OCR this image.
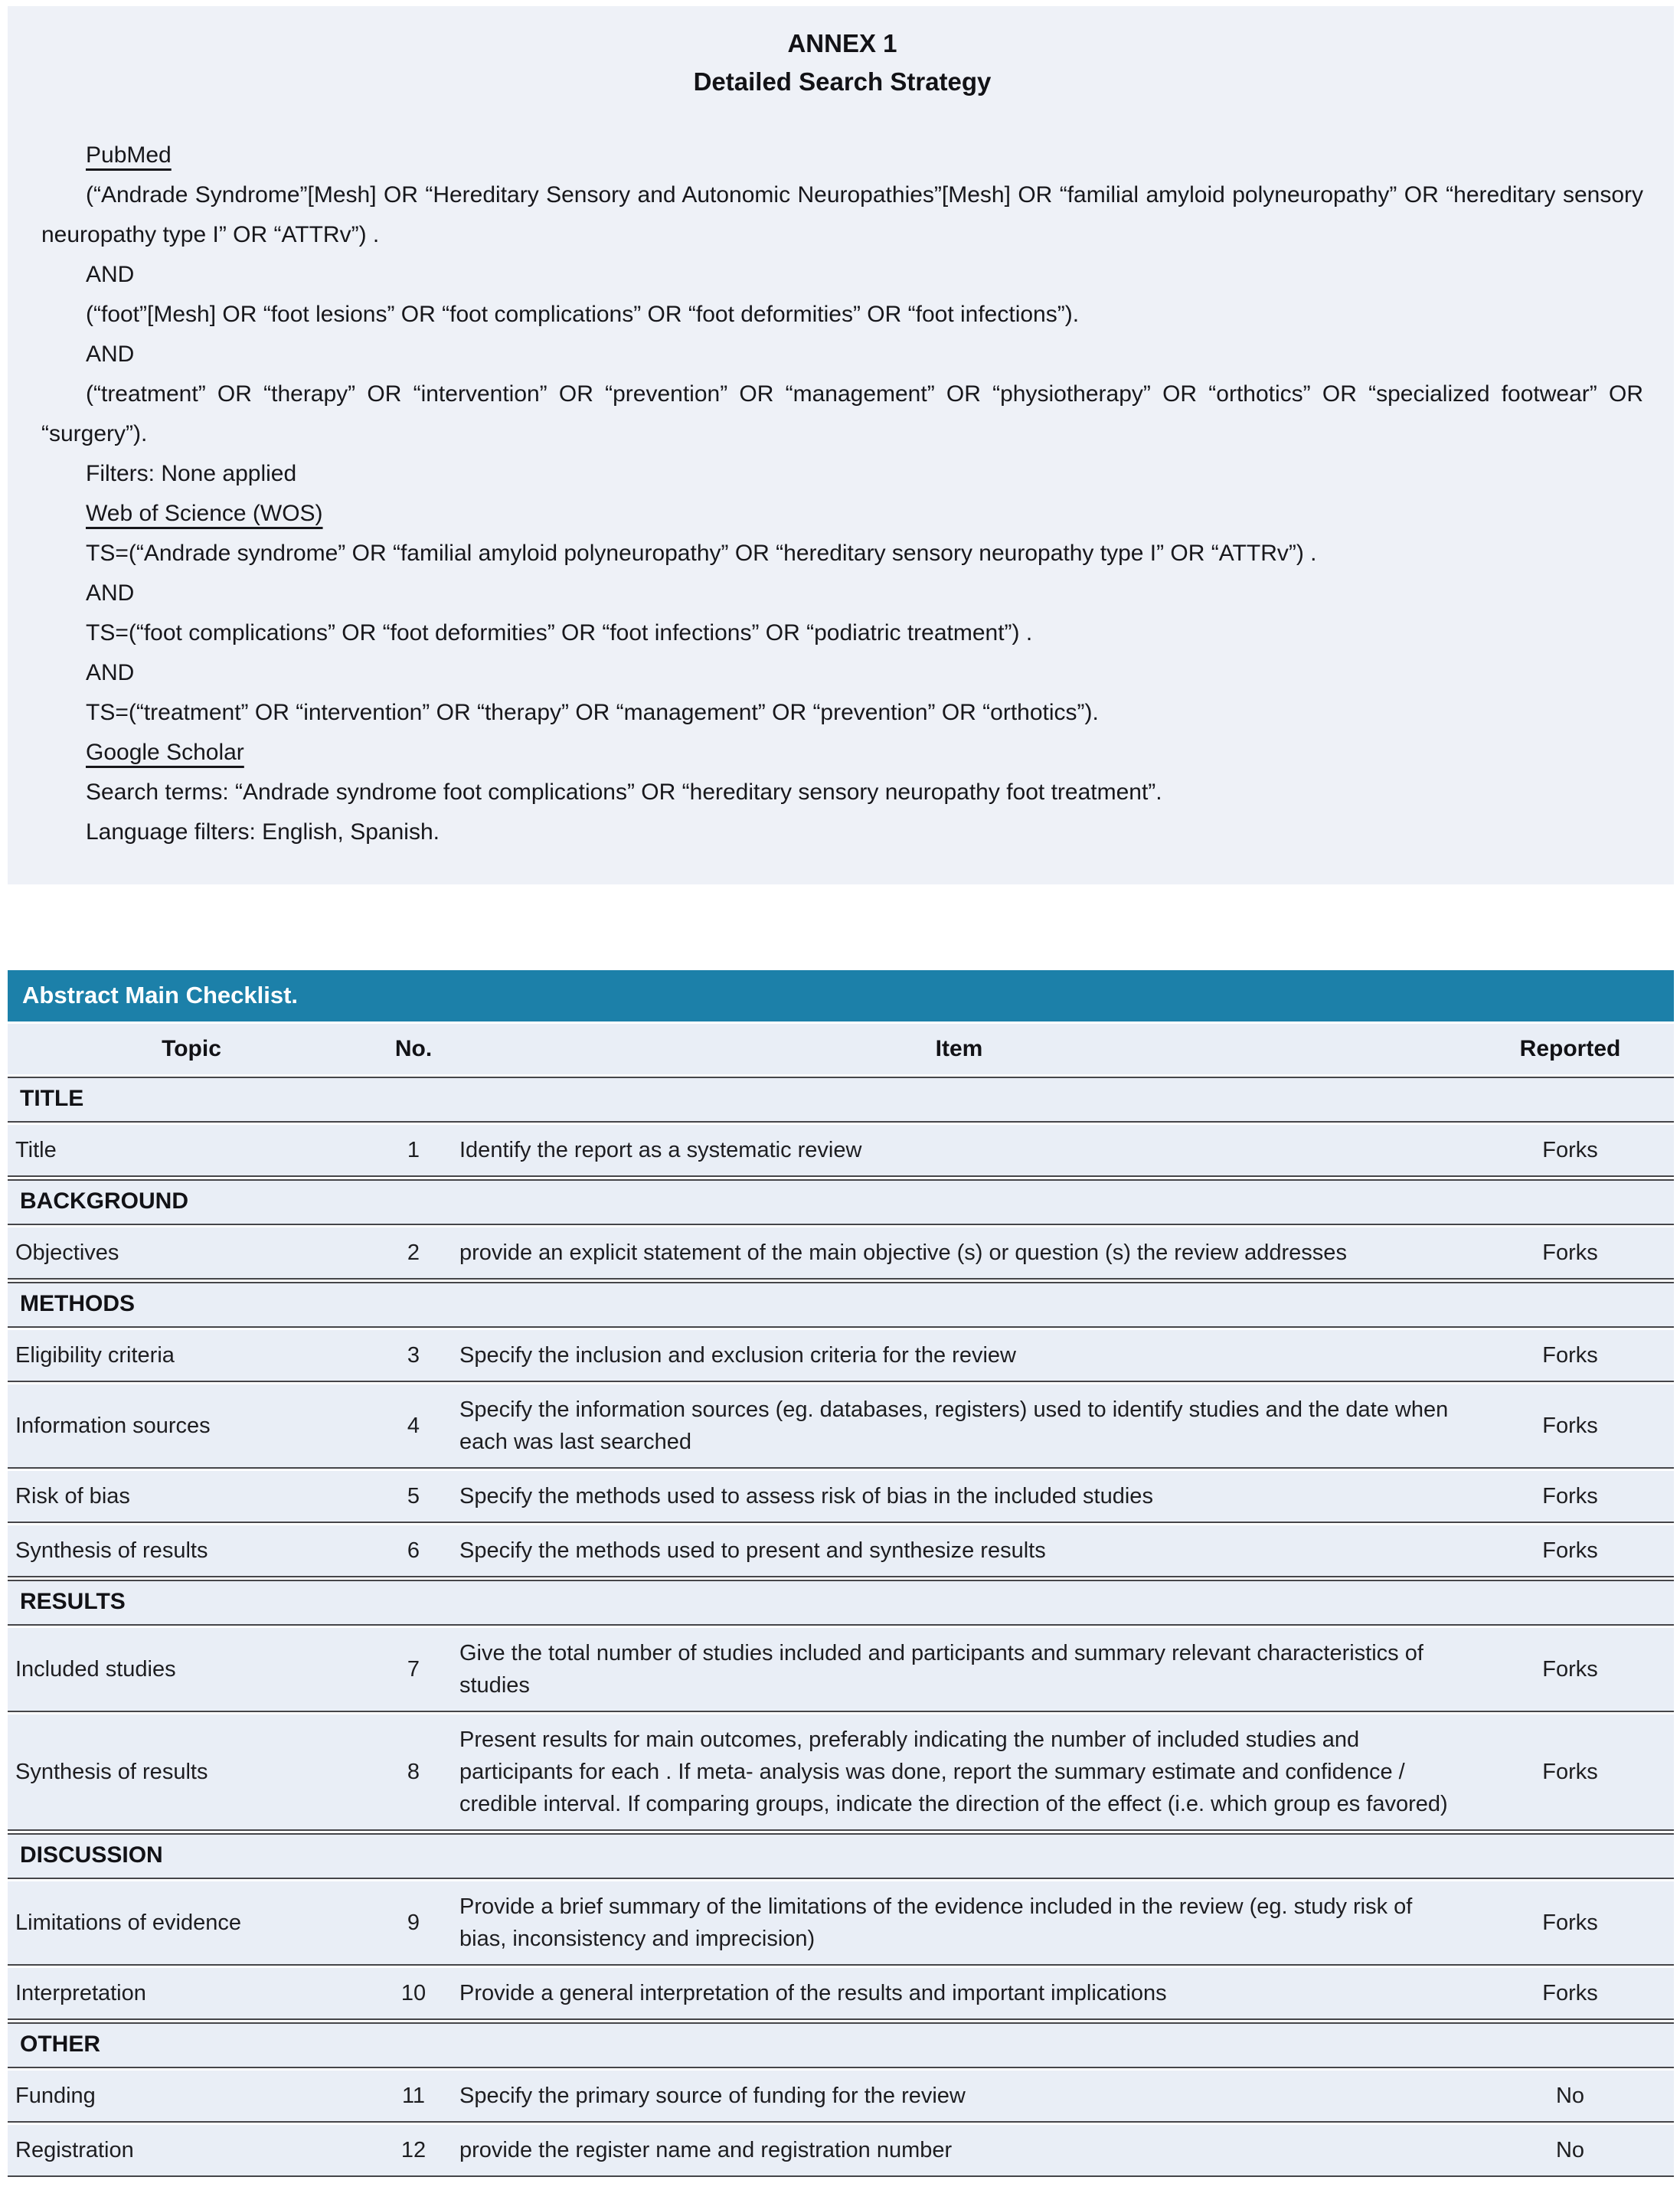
ANNEX 1
Detailed Search Strategy

PubMed

(“Andrade Syndrome”[Mesh] OR “Hereditary Sensory and Autonomic Neuropathies”[Mesh] OR “familial amyloid polyneuropathy” OR “hereditary sensory neuropathy type I” OR “ATTRv”) .

AND

(“foot”[Mesh] OR “foot lesions” OR “foot complications” OR “foot deformities” OR “foot infections”).

AND

(“treatment” OR “therapy” OR “intervention” OR “prevention” OR “management” OR “physiotherapy” OR “orthotics” OR “specialized footwear” OR “surgery”).

Filters: None applied

Web of Science (WOS)

TS=(“Andrade syndrome” OR “familial amyloid polyneuropathy” OR “hereditary sensory neuropathy type I” OR “ATTRv”) .

AND

TS=(“foot complications” OR “foot deformities” OR “foot infections” OR “podiatric treatment”) .

AND

TS=(“treatment” OR “intervention” OR “therapy” OR “management” OR “prevention” OR “orthotics”).

Google Scholar

Search terms: “Andrade syndrome foot complications” OR “hereditary sensory neuropathy foot treatment”.

Language filters: English, Spanish.

Abstract Main Checklist.
Topic	No.	Item	Reported
TITLE			
Title	1	Identify the report as a systematic review	Forks
BACKGROUND			
Objectives	2	provide an explicit statement of the main objective (s) or question (s) the review addresses	Forks
METHODS			
Eligibility criteria	3	Specify the inclusion and exclusion criteria for the review	Forks
Information sources	4	Specify the information sources (eg. databases, registers) used to identify studies and the date when each was last searched	Forks
Risk of bias	5	Specify the methods used to assess risk of bias in the included studies	Forks
Synthesis of results	6	Specify the methods used to present and synthesize results	Forks
RESULTS			
Included studies	7	Give the total number of studies included and participants and summary relevant characteristics of studies	Forks
Synthesis of results	8	Present results for main outcomes, preferably indicating the number of included studies and participants for each . If meta- analysis was done, report the summary estimate and confidence / credible interval. If comparing groups, indicate the direction of the effect (i.e. which group es favored)	Forks
DISCUSSION			
Limitations of evidence	9	Provide a brief summary of the limitations of the evidence included in the review (eg. study risk of bias, inconsistency and imprecision)	Forks
Interpretation	10	Provide a general interpretation of the results and important implications	Forks
OTHER			
Funding	11	Specify the primary source of funding for the review	No
Registration	12	provide the register name and registration number	No
